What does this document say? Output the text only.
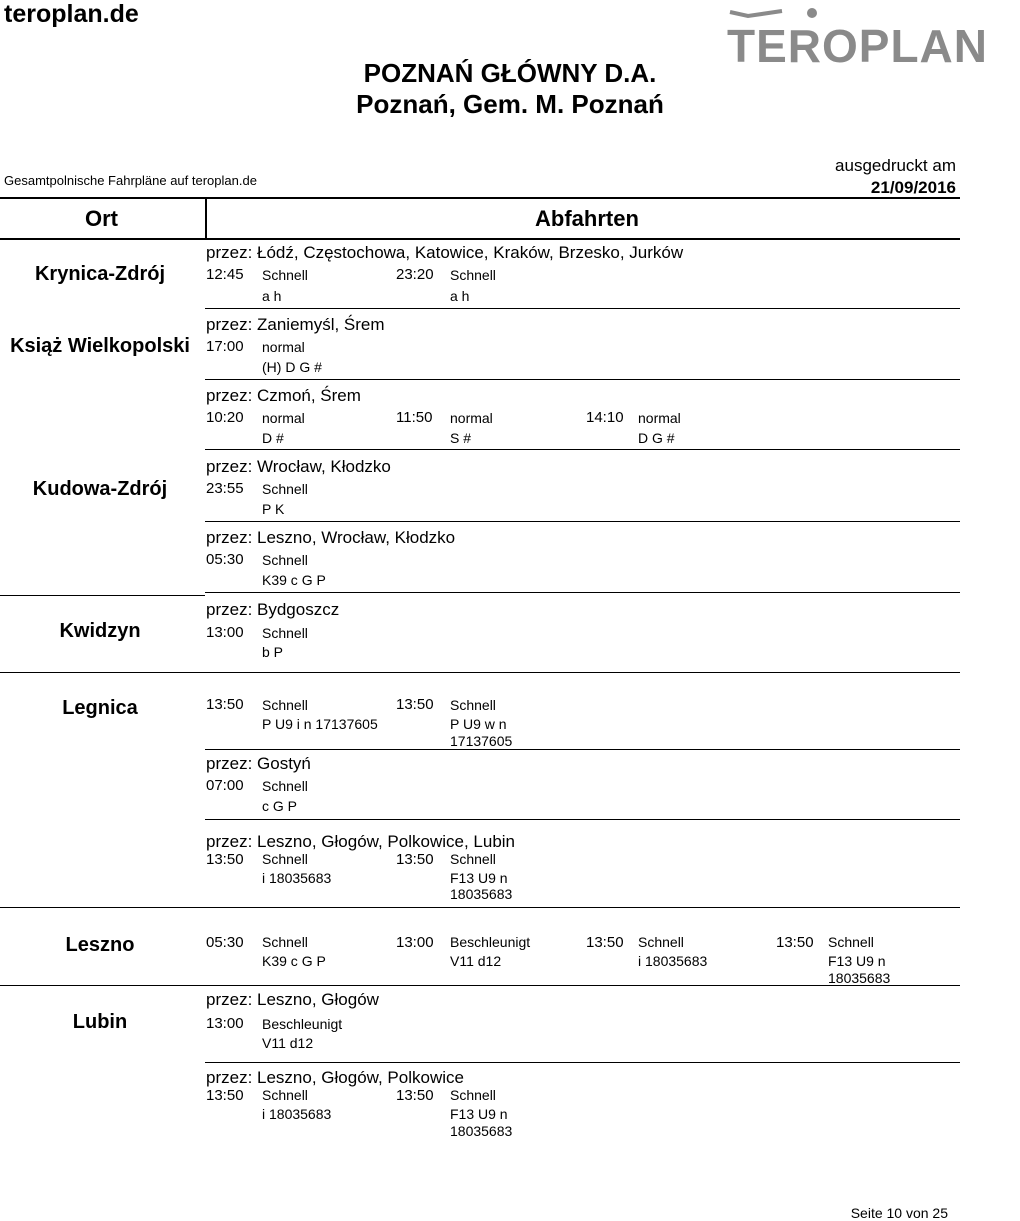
teroplan.de
POZNAŃ GŁÓWNY D.A.
Poznań, Gem. M. Poznań
TEROPLAN
Gesamtpolnische Fahrpläne auf teroplan.de
ausgedruckt am
21/09/2016
Ort	Abfahrten
Krynica-Zdrój
Książ Wielkopolski
Kudowa-Zdrój
Kwidzyn
Legnica
Leszno
Lubin
przez: Łódź, Częstochowa, Katowice, Kraków, Brzesko, Jurków
przez: Zaniemyśl, Śrem
przez: Czmoń, Śrem
przez: Wrocław, Kłodzko
przez: Leszno, Wrocław, Kłodzko
przez: Bydgoszcz
przez: Gostyń
przez: Leszno, Głogów, Polkowice, Lubin
przez: Leszno, Głogów
przez: Leszno, Głogów, Polkowice
12:45 Schnell
a h
23:20 Schnell
a h
17:00 normal
(H) D G #
10:20 normal
D #
11:50 normal
S #
14:10 normal
D G #
23:55 Schnell
P K
05:30 Schnell
K39 c G P
13:00 Schnell
b P
13:50 Schnell
P U9 i n 17137605
13:50 Schnell
P U9 w n
17137605
07:00 Schnell
c G P
13:50 Schnell
i 18035683
13:50 Schnell
F13 U9 n
18035683
05:30 Schnell
K39 c G P
13:00 Beschleunigt
V11 d12
13:50 Schnell
i 18035683
13:50 Schnell
F13 U9 n
18035683
13:00 Beschleunigt
V11 d12
13:50 Schnell
i 18035683
13:50 Schnell
F13 U9 n
18035683
Seite 10 von 25
